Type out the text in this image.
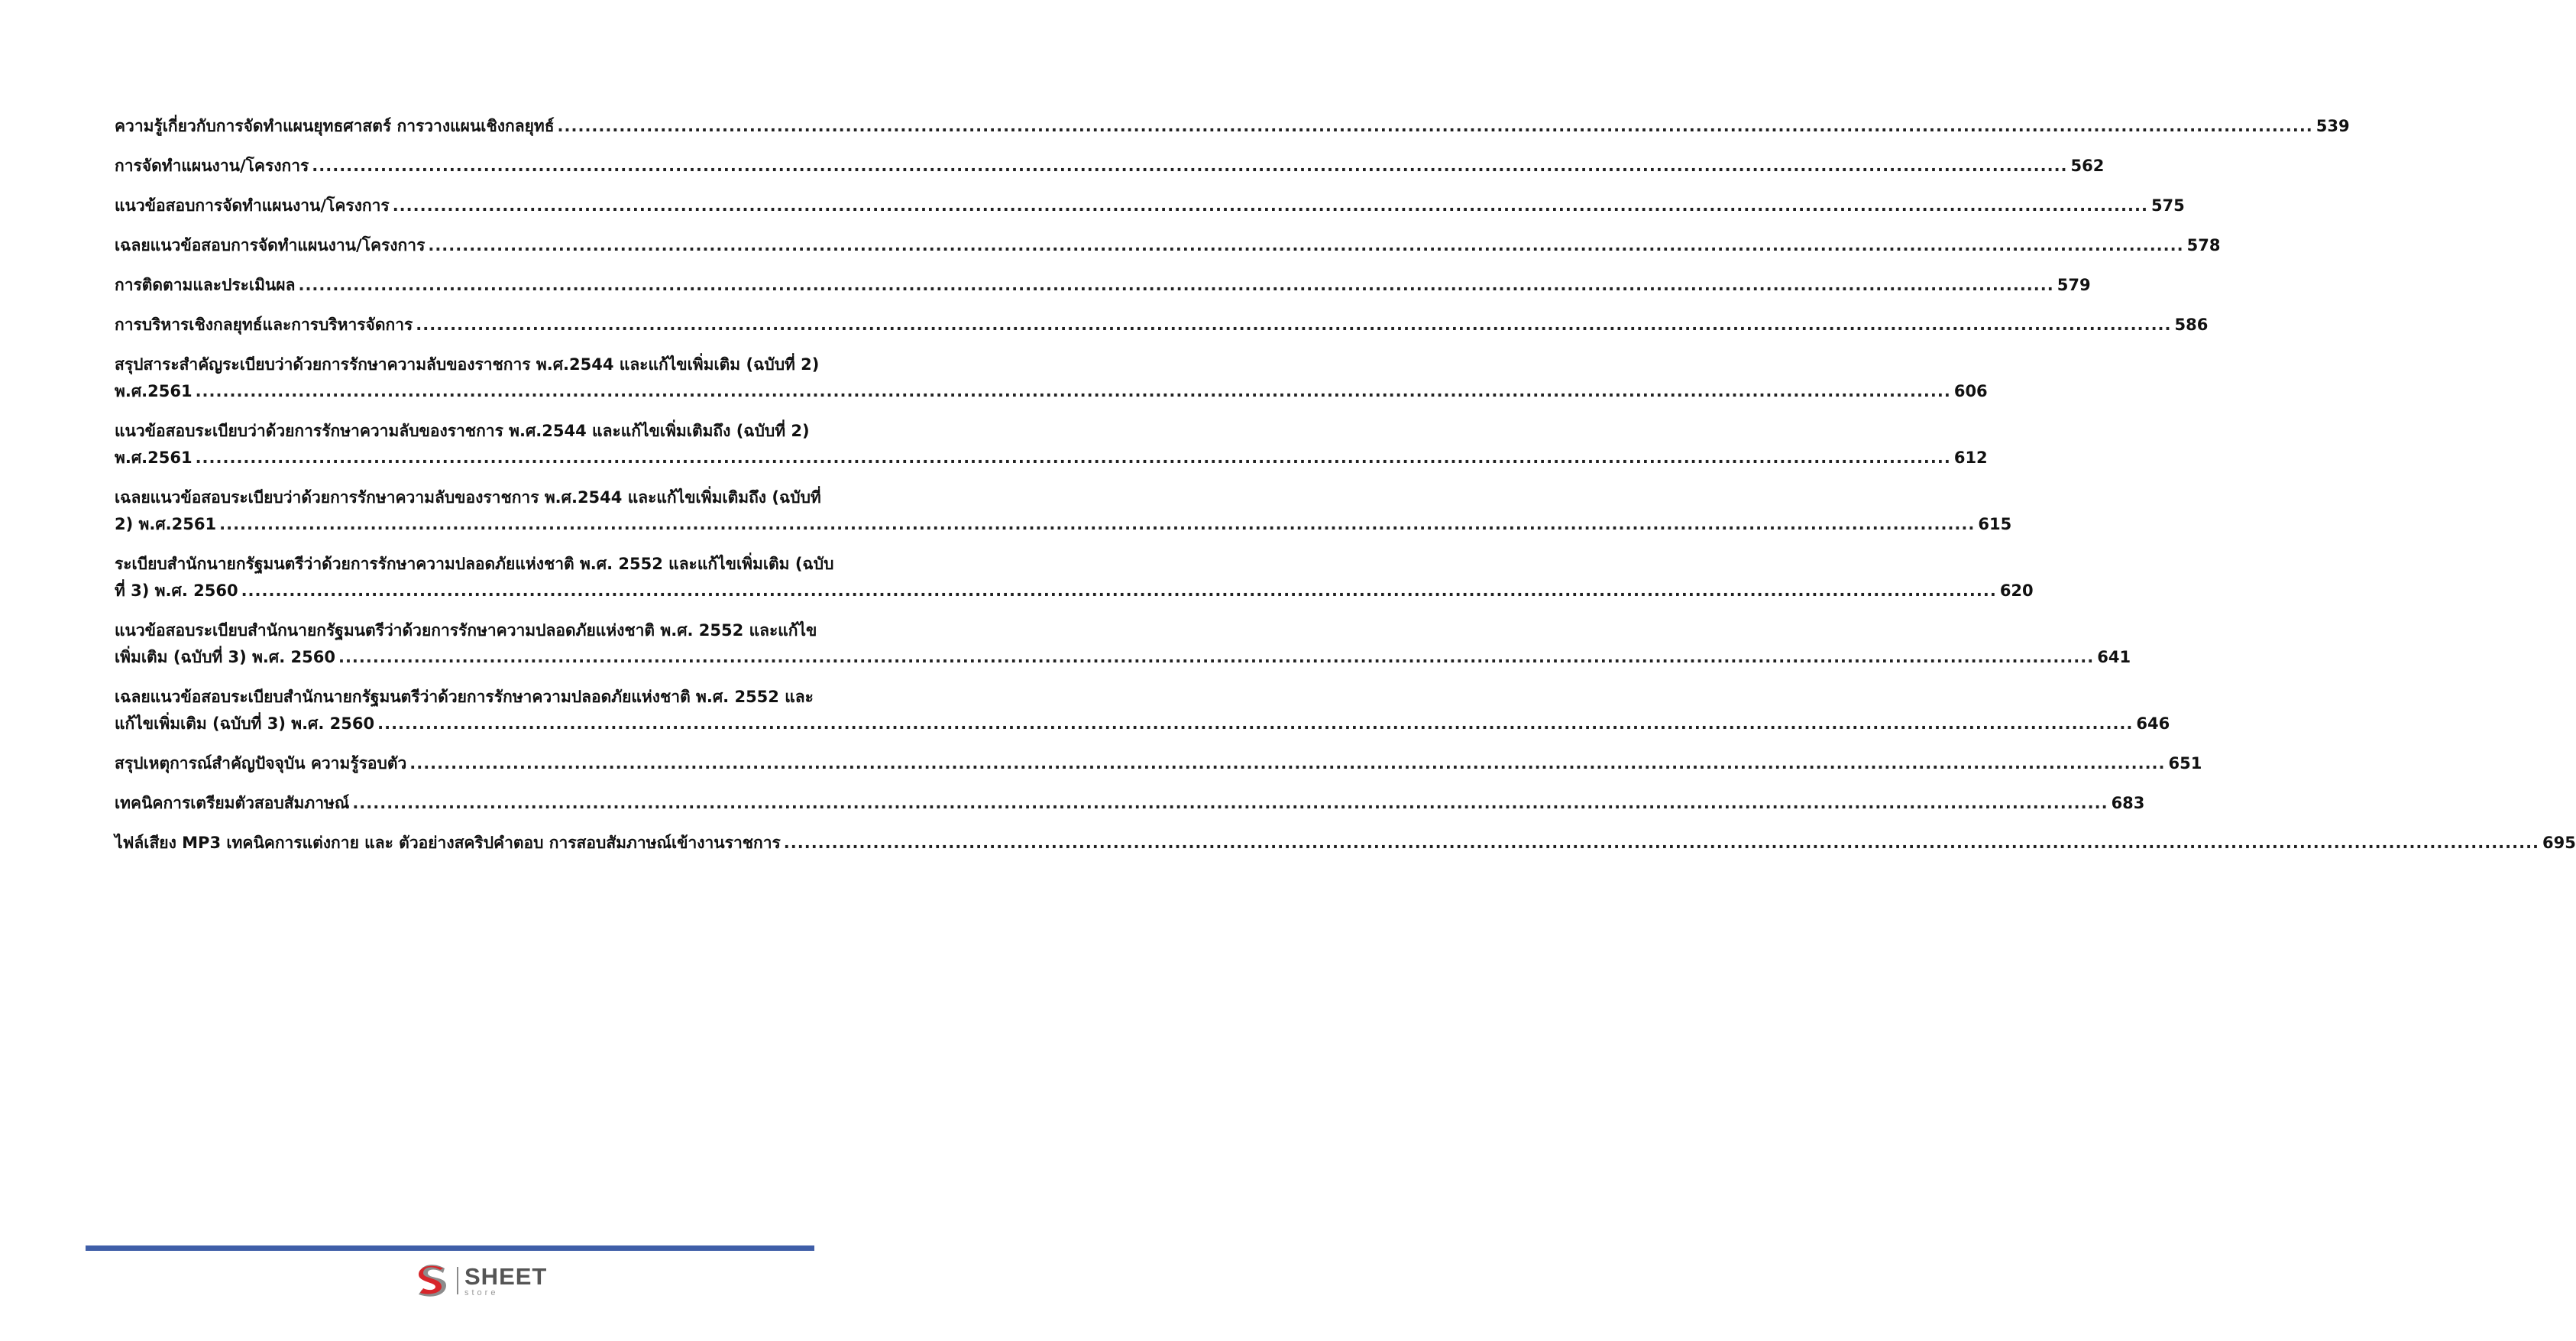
ความรู้เกี่ยวกับการจัดทำแผนยุทธศาสตร์ การวางแผนเชิงกลยุทธ์ .....	539
การจัดทำแผนงาน/โครงการ .....	562
แนวข้อสอบการจัดทำแผนงาน/โครงการ .....	575
เฉลยแนวข้อสอบการจัดทำแผนงาน/โครงการ .....	578
การติดตามและประเมินผล .....	579
การบริหารเชิงกลยุทธ์และการบริหารจัดการ .....	586
สรุปสาระสำคัญระเบียบว่าด้วยการรักษาความลับของราชการ พ.ศ.2544 และแก้ไขเพิ่มเติม (ฉบับที่ 2)
พ.ศ.2561 .....	606
แนวข้อสอบระเบียบว่าด้วยการรักษาความลับของราชการ พ.ศ.2544 และแก้ไขเพิ่มเติมถึง (ฉบับที่ 2)
พ.ศ.2561 .....	612
เฉลยแนวข้อสอบระเบียบว่าด้วยการรักษาความลับของราชการ พ.ศ.2544 และแก้ไขเพิ่มเติมถึง (ฉบับที่
2) พ.ศ.2561 .....	615
ระเบียบสำนักนายกรัฐมนตรีว่าด้วยการรักษาความปลอดภัยแห่งชาติ พ.ศ. 2552 และแก้ไขเพิ่มเติม (ฉบับ
ที่ 3) พ.ศ. 2560 .....	620
แนวข้อสอบระเบียบสำนักนายกรัฐมนตรีว่าด้วยการรักษาความปลอดภัยแห่งชาติ พ.ศ. 2552 และแก้ไข
เพิ่มเติม (ฉบับที่ 3) พ.ศ. 2560 .....	641
เฉลยแนวข้อสอบระเบียบสำนักนายกรัฐมนตรีว่าด้วยการรักษาความปลอดภัยแห่งชาติ พ.ศ. 2552 และ
แก้ไขเพิ่มเติม (ฉบับที่ 3) พ.ศ. 2560 .....	646
สรุปเหตุการณ์สำคัญปัจจุบัน ความรู้รอบตัว .....	651
เทคนิคการเตรียมตัวสอบสัมภาษณ์ .....	683
ไฟล์เสียง MP3 เทคนิคการแต่งกาย และ ตัวอย่างสคริปคำตอบ การสอบสัมภาษณ์เข้างานราชการ .....	695
SHEET
store
